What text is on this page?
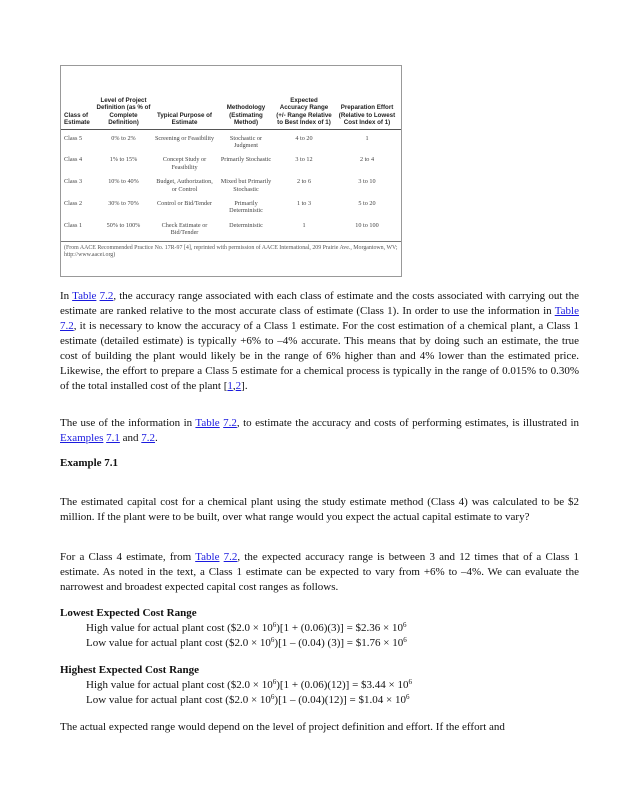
Class of Estimate	Level of Project Definition (as % of Complete Definition)	Typical Purpose of Estimate	Methodology (Estimating Method)	Expected Accuracy Range (+/- Range Relative to Best Index of 1)	Preparation Effort (Relative to Lowest Cost Index of 1)
Class 5	0% to 2%	Screening or Feasibility	Stochastic or Judgment	4 to 20	1
Class 4	1% to 15%	Concept Study or Feasibility	Primarily Stochastic	3 to 12	2 to 4
Class 3	10% to 40%	Budget, Authorization, or Control	Mixed but Primarily Stochastic	2 to 6	3 to 10
Class 2	30% to 70%	Control or Bid/Tender	Primarily Deterministic	1 to 3	5 to 20
Class 1	50% to 100%	Check Estimate or Bid/Tender	Deterministic	1	10 to 100
(From AACE Recommended Practice No. 17R-97 [4], reprinted with permission of AACE International, 209 Prairie Ave., Morgantown, WV; http://www.aacei.org)

In Table 7.2, the accuracy range associated with each class of estimate and the costs associated with carrying out the estimate are ranked relative to the most accurate class of estimate (Class 1). In order to use the information in Table 7.2, it is necessary to know the accuracy of a Class 1 estimate. For the cost estimation of a chemical plant, a Class 1 estimate (detailed estimate) is typically +6% to –4% accurate. This means that by doing such an estimate, the true cost of building the plant would likely be in the range of 6% higher than and 4% lower than the estimated price. Likewise, the effort to prepare a Class 5 estimate for a chemical process is typically in the range of 0.015% to 0.30% of the total installed cost of the plant [1,2].

The use of the information in Table 7.2, to estimate the accuracy and costs of performing estimates, is illustrated in Examples 7.1 and 7.2.

Example 7.1

The estimated capital cost for a chemical plant using the study estimate method (Class 4) was calculated to be $2 million. If the plant were to be built, over what range would you expect the actual capital estimate to vary?

For a Class 4 estimate, from Table 7.2, the expected accuracy range is between 3 and 12 times that of a Class 1 estimate. As noted in the text, a Class 1 estimate can be expected to vary from +6% to –4%. We can evaluate the narrowest and broadest expected capital cost ranges as follows.

Lowest Expected Cost Range

High value for actual plant cost ($2.0 × $10^6)[1 + (0.06)(3)]$ = $2.36 × $10^6$

Low value for actual plant cost ($2.0 × $10^6)[1 - (0.04)$ (3)] = $1.76 × $10^6$

Highest Expected Cost Range

High value for actual plant cost ($2.0 × $10^6)[1 + (0.06)(12)]$ = $3.44 × $10^6$

Low value for actual plant cost ($2.0 × $10^6)[1 - (0.04)(12)]$ = $1.04 × $10^6$

The actual expected range would depend on the level of project definition and effort. If the effort and
